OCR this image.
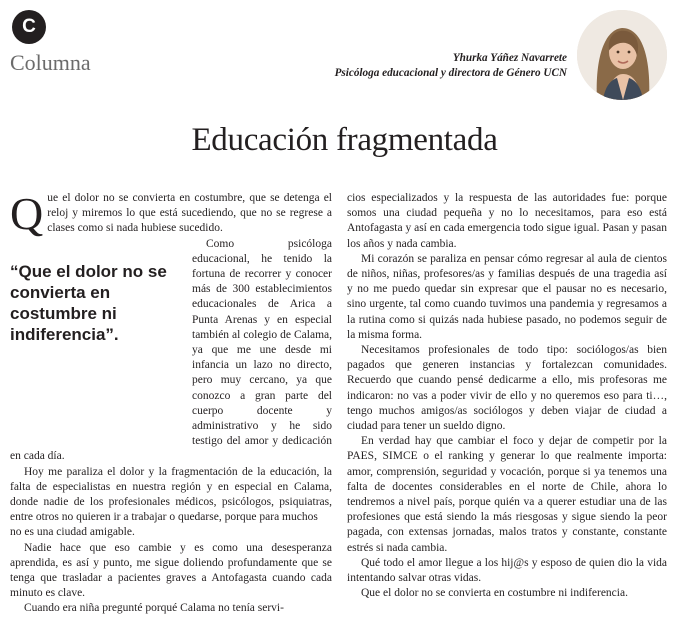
C
Columna	Yhurka Yáñez Navarrete
Psicóloga educacional y directora de Género UCN
Educación fragmentada

Que el dolor no se convierta en costumbre, que se detenga el reloj y miremos lo que está sucediendo, que no se regrese a clases como si nada hubiese sucedido.

“Que el dolor no se convierta en costumbre ni indiferencia”.

Como psicóloga educacional, he tenido la fortuna de recorrer y conocer más de 300 establecimientos educacionales de Arica a Punta Arenas y en especial también al colegio de Calama, ya que me une desde mi infancia un lazo no directo, pero muy cercano, ya que conozco a gran parte del cuerpo docente y administrativo y he sido testigo del amor y dedicación en cada día.

Hoy me paraliza el dolor y la fragmentación de la educación, la falta de especialistas en nuestra región y en especial en Calama, donde nadie de los profesionales médicos, psicólogos, psiquiatras, entre otros no quieren ir a trabajar o quedarse, porque para muchos

no es una ciudad amigable.

Nadie hace que eso cambie y es como una desesperanza aprendida, es así y punto, me sigue doliendo profundamente que se tenga que trasladar a pacientes graves a Antofagasta cuando cada minuto es clave.

Cuando era niña pregunté porqué Calama no tenía servi-

cios especializados y la respuesta de las autoridades fue: porque somos una ciudad pequeña y no lo necesitamos, para eso está Antofagasta y así en cada emergencia todo sigue igual. Pasan y pasan los años y nada cambia.

Mi corazón se paraliza en pensar cómo regresar al aula de cientos de niños, niñas, profesores/as y familias después de una tragedia así y no me puedo quedar sin expresar que el pausar no es necesario, sino urgente, tal como cuando tuvimos una pandemia y regresamos a la rutina como si quizás nada hubiese pasado, no podemos seguir de la misma forma.

Necesitamos profesionales de todo tipo: sociólogos/as bien pagados que generen instancias y fortalezcan comunidades. Recuerdo que cuando pensé dedicarme a ello, mis profesoras me indicaron: no vas a poder vivir de ello y no queremos eso para ti…, tengo muchos amigos/as sociólogos y deben viajar de ciudad a ciudad para tener un sueldo digno.

En verdad hay que cambiar el foco y dejar de competir por la PAES, SIMCE o el ranking y generar lo que realmente importa: amor, comprensión, seguridad y vocación, porque si ya tenemos una falta de docentes considerables en el norte de Chile, ahora lo tendremos a nivel país, porque quién va a querer estudiar una de las profesiones que está siendo la más riesgosas y sigue siendo la peor pagada, con extensas jornadas, malos tratos y constante, constante estrés si nada cambia.

Qué todo el amor llegue a los hij@s y esposo de quien dio la vida intentando salvar otras vidas.

Que el dolor no se convierta en costumbre ni indiferencia.
